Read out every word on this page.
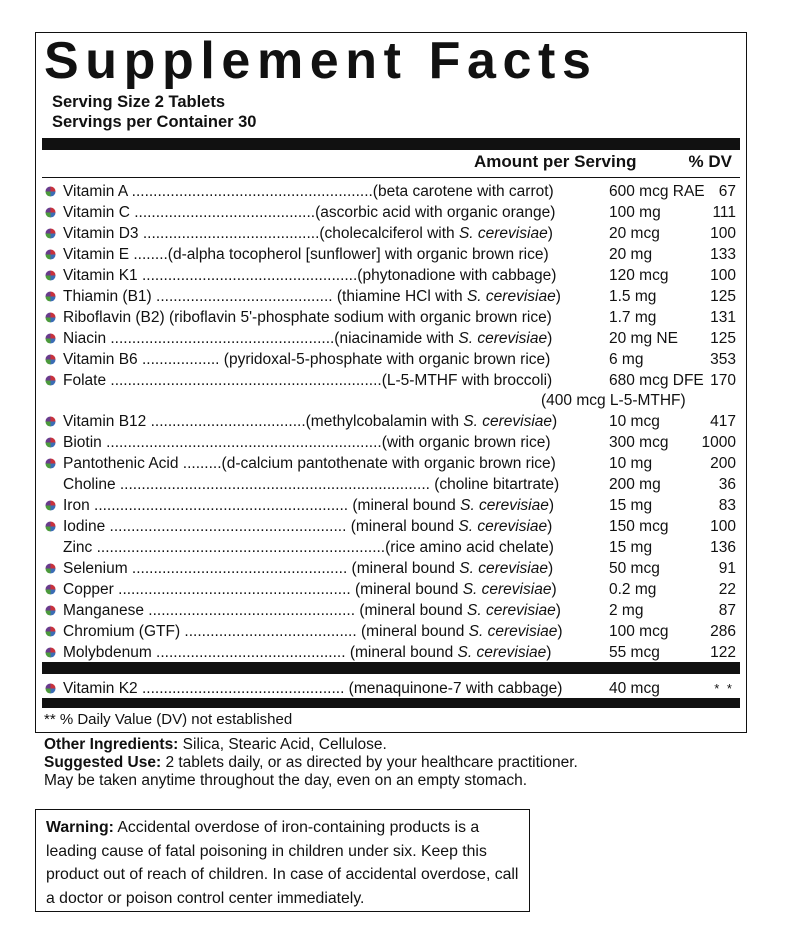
Supplement Facts
Serving Size 2 Tablets
Servings per Container 30
Amount per Serving	% DV
Vitamin A ........................................................(beta carotene with carrot)	600 mcg RAE 67
Vitamin C ..........................................(ascorbic acid with organic orange)	100 mg	111
Vitamin D3 .........................................(cholecalciferol with S. cerevisiae)	20 mcg	100
Vitamin E ........(d-alpha tocopherol [sunflower] with organic brown rice)	20 mg	133
Vitamin K1 ..................................................(phytonadione with cabbage)	120 mcg	100
Thiamin (B1) ......................................... (thiamine HCl with S. cerevisiae)	1.5 mg	125
Riboflavin (B2) (riboflavin 5'-phosphate sodium with organic brown rice)	1.7 mg	131
Niacin ....................................................(niacinamide with S. cerevisiae)	20 mg NE 125
Vitamin B6 .................. (pyridoxal-5-phosphate with organic brown rice)	6 mg	353
Folate ...............................................................(L-5-MTHF with broccoli)	680 mcg DFE 170
(400 mcg L-5-MTHF)
Vitamin B12 ....................................(methylcobalamin with S. cerevisiae)	10 mcg	417
Biotin ................................................................(with organic brown rice)	300 mcg 1000
Pantothenic Acid .........(d-calcium pantothenate with organic brown rice)	10 mg	200
Choline ........................................................................ (choline bitartrate)	200 mg	36
Iron ........................................................... (mineral bound S. cerevisiae)	15 mg	83
Iodine ....................................................... (mineral bound S. cerevisiae)	150 mcg	100
Zinc ...................................................................(rice amino acid chelate)	15 mg	136
Selenium .................................................. (mineral bound S. cerevisiae)	50 mcg	91
Copper ...................................................... (mineral bound S. cerevisiae)	0.2 mg	22
Manganese ................................................ (mineral bound S. cerevisiae)	2 mg	87
Chromium (GTF) ........................................ (mineral bound S. cerevisiae)	100 mcg	286
Molybdenum ............................................ (mineral bound S. cerevisiae)	55 mcg	122
Vitamin K2 ............................................... (menaquinone-7 with cabbage)	40 mcg	* *
** % Daily Value (DV) not established
Other Ingredients: Silica, Stearic Acid, Cellulose.
Suggested Use: 2 tablets daily, or as directed by your healthcare practitioner.
May be taken anytime throughout the day, even on an empty stomach.
Warning: Accidental overdose of iron-containing products is a leading cause of fatal poisoning in children under six. Keep this product out of reach of children. In case of accidental overdose, call a doctor or poison control center immediately.
